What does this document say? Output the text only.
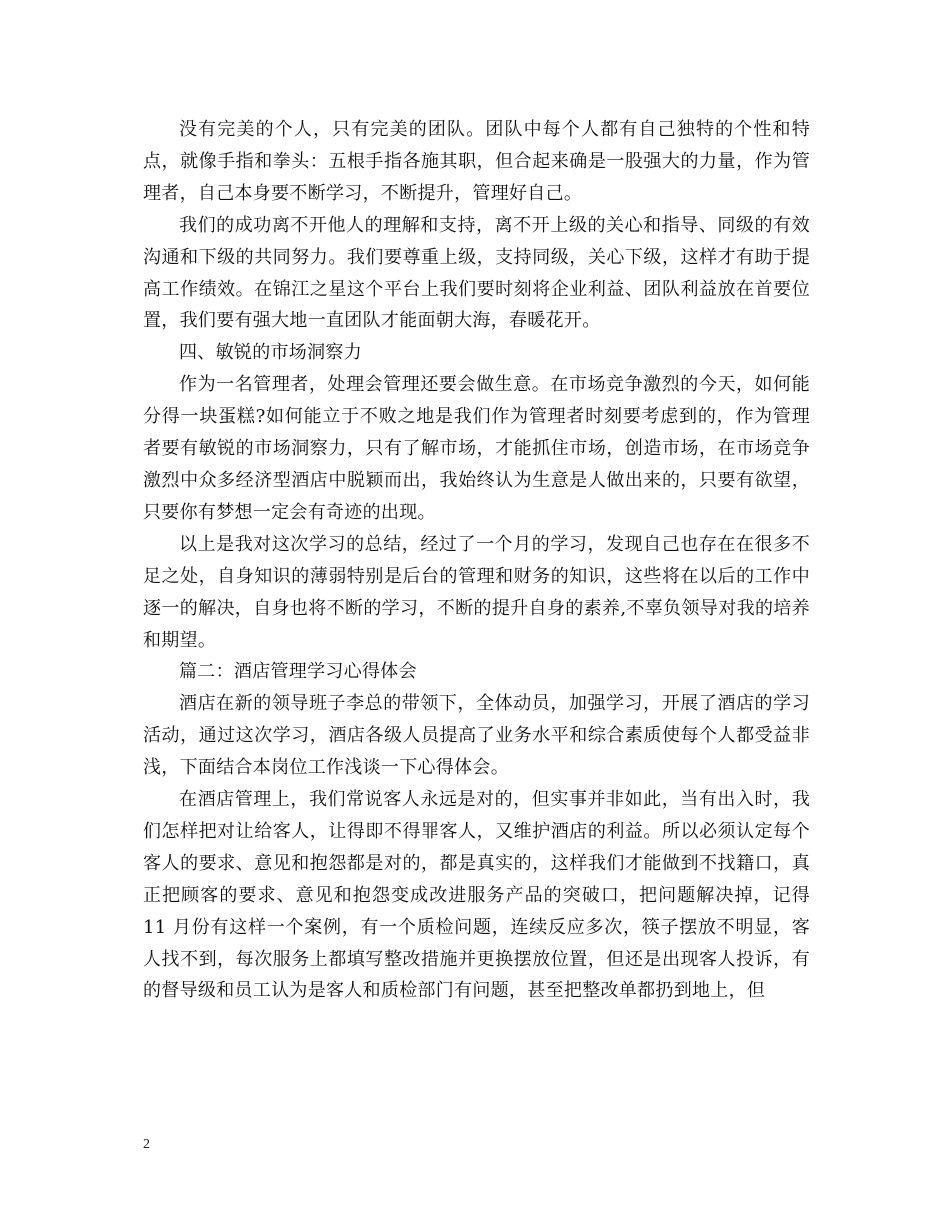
没有完美的个人，只有完美的团队。团队中每个人都有自己独特的个性和特点，就像手指和拳头：五根手指各施其职，但合起来确是一股强大的力量，作为管理者，自己本身要不断学习，不断提升，管理好自己。

我们的成功离不开他人的理解和支持，离不开上级的关心和指导、同级的有效沟通和下级的共同努力。我们要尊重上级，支持同级，关心下级，这样才有助于提高工作绩效。在锦江之星这个平台上我们要时刻将企业利益、团队利益放在首要位置，我们要有强大地一直团队才能面朝大海，春暖花开。

四、敏锐的市场洞察力

作为一名管理者，处理会管理还要会做生意。在市场竞争激烈的今天，如何能分得一块蛋糕?如何能立于不败之地是我们作为管理者时刻要考虑到的，作为管理者要有敏锐的市场洞察力，只有了解市场，才能抓住市场，创造市场，在市场竞争激烈中众多经济型酒店中脱颖而出，我始终认为生意是人做出来的，只要有欲望，只要你有梦想一定会有奇迹的出现。

以上是我对这次学习的总结，经过了一个月的学习，发现自己也存在在很多不足之处，自身知识的薄弱特别是后台的管理和财务的知识，这些将在以后的工作中逐一的解决，自身也将不断的学习，不断的提升自身的素养,不辜负领导对我的培养和期望。

篇二：酒店管理学习心得体会

酒店在新的领导班子李总的带领下，全体动员，加强学习，开展了酒店的学习活动，通过这次学习，酒店各级人员提高了业务水平和综合素质使每个人都受益非浅，下面结合本岗位工作浅谈一下心得体会。

在酒店管理上，我们常说客人永远是对的，但实事并非如此，当有出入时，我们怎样把对让给客人，让得即不得罪客人，又维护酒店的利益。所以必须认定每个客人的要求、意见和抱怨都是对的，都是真实的，这样我们才能做到不找籍口，真正把顾客的要求、意见和抱怨变成改进服务产品的突破口，把问题解决掉，记得 11 月份有这样一个案例，有一个质检问题，连续反应多次，筷子摆放不明显，客人找不到，每次服务上都填写整改措施并更换摆放位置，但还是出现客人投诉，有的督导级和员工认为是客人和质检部门有问题，甚至把整改单都扔到地上，但

2
